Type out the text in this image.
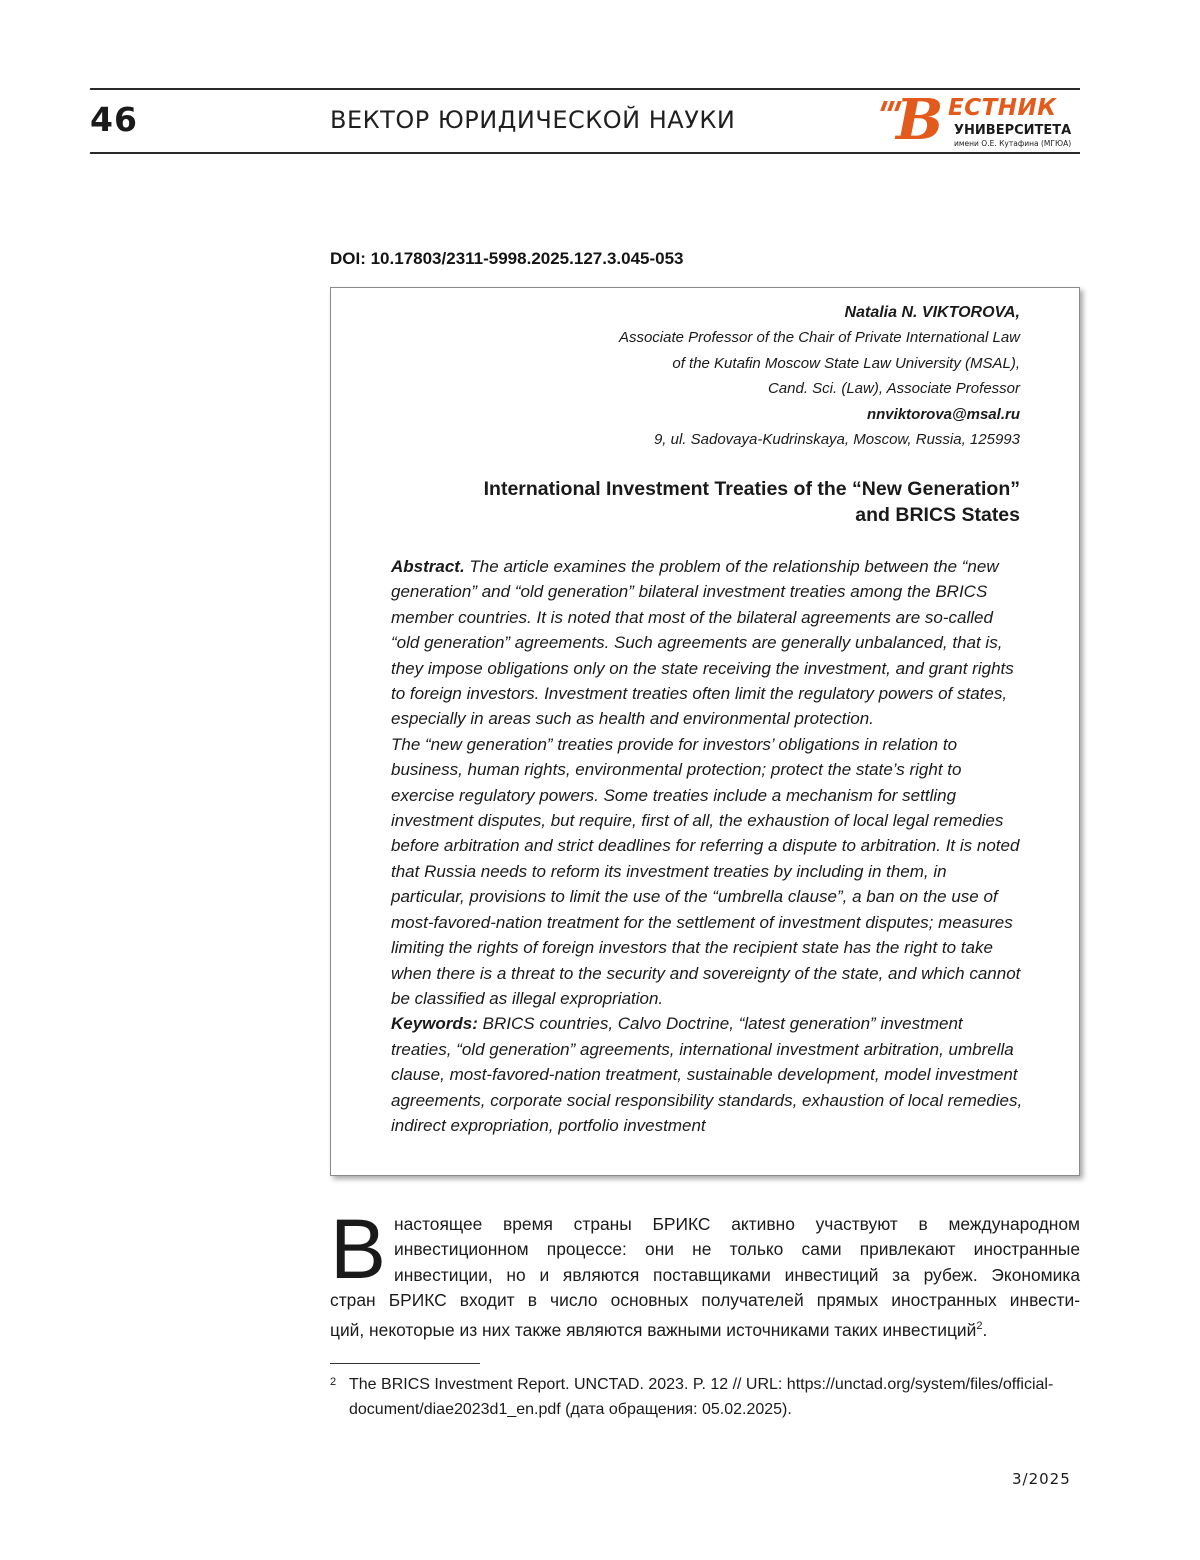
46	ВЕКТОР ЮРИДИЧЕСКОЙ НАУКИ	В ЕСТНИК
УНИВЕРСИТЕТА
имени О.Е. Кутафина (МГЮА)
DOI: 10.17803/2311-5998.2025.127.3.045-053
Natalia N. VIKTOROVA,
Associate Professor of the Chair of Private International Law
of the Kutafin Moscow State Law University (MSAL),
Cand. Sci. (Law), Associate Professor
nnviktorova@msal.ru
9, ul. Sadovaya-Kudrinskaya, Moscow, Russia, 125993
International Investment Treaties of the “New Generation”
and BRICS States

Abstract. The article examines the problem of the relationship between the “new generation” and “old generation” bilateral investment treaties among the BRICS member countries. It is noted that most of the bilateral agreements are so-called “old generation” agreements. Such agreements are generally unbalanced, that is, they impose obligations only on the state receiving the investment, and grant rights to foreign investors. Investment treaties often limit the regulatory powers of states, especially in areas such as health and environmental protection.

The “new generation” treaties provide for investors’ obligations in relation to business, human rights, environmental protection; protect the state’s right to exercise regulatory powers. Some treaties include a mechanism for settling investment disputes, but require, first of all, the exhaustion of local legal remedies before arbitration and strict deadlines for referring a dispute to arbitration. It is noted that Russia needs to reform its investment treaties by including in them, in particular, provisions to limit the use of the “umbrella clause”, a ban on the use of most-favored-nation treatment for the settlement of investment disputes; measures limiting the rights of foreign investors that the recipient state has the right to take when there is a threat to the security and sovereignty of the state, and which cannot be classified as illegal expropriation.

Keywords: BRICS countries, Calvo Doctrine, “latest generation” investment treaties, “old generation” agreements, international investment arbitration, umbrella clause, most-favored-nation treatment, sustainable development, model investment agreements, corporate social responsibility standards, exhaustion of local remedies, indirect expropriation, portfolio investment

В настоящее время страны БРИКС активно участвуют в международном
инвестиционном процессе: они не только сами привлекают иностранные
инвестиции, но и являются поставщиками инвестиций за рубеж. Экономика
стран БРИКС входит в число основных получателей прямых иностранных инвести-
ций, некоторые из них также являются важными источниками таких инвестиций2.
2 The BRICS Investment Report. UNCTAD. 2023. P. 12 // URL: https://unctad.org/system/files/official-document/diae2023d1_en.pdf (дата обращения: 05.02.2025).
3/2025
